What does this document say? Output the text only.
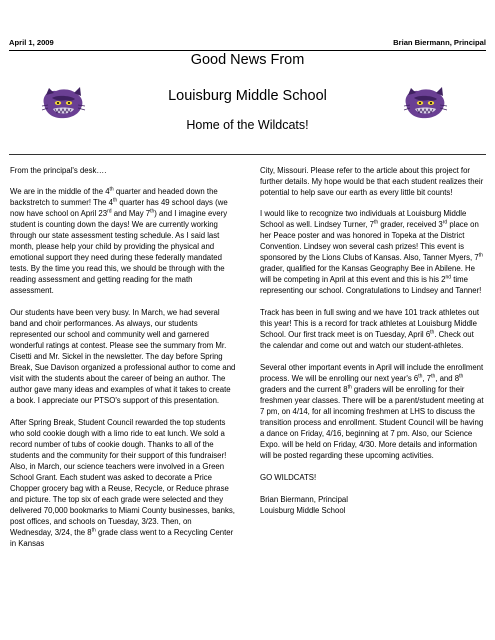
April 1, 2009	Brian Biermann, Principal
Good News From
Louisburg Middle School
Home of the Wildcats!

From the principal's desk….

We are in the middle of the 4th quarter and headed down the backstretch to summer! The 4th quarter has 49 school days (we now have school on April 23rd and May 7th) and I imagine every student is counting down the days! We are currently working through our state assessment testing schedule. As I said last month, please help your child by providing the physical and emotional support they need during these federally mandated tests. By the time you read this, we should be through with the reading assessment and getting reading for the math assessment.

Our students have been very busy. In March, we had several band and choir performances. As always, our students represented our school and community well and garnered wonderful ratings at contest. Please see the summary from Mr. Cisetti and Mr. Sickel in the newsletter. The day before Spring Break, Sue Davison organized a professional author to come and visit with the students about the career of being an author. The author gave many ideas and examples of what it takes to create a book. I appreciate our PTSO's support of this presentation.

After Spring Break, Student Council rewarded the top students who sold cookie dough with a limo ride to eat lunch. We sold a record number of tubs of cookie dough. Thanks to all of the students and the community for their support of this fundraiser! Also, in March, our science teachers were involved in a Green School Grant. Each student was asked to decorate a Price Chopper grocery bag with a Reuse, Recycle, or Reduce phrase and picture. The top six of each grade were selected and they delivered 70,000 bookmarks to Miami County businesses, banks, post offices, and schools on Tuesday, 3/23. Then, on Wednesday, 3/24, the 8th grade class went to a Recycling Center in Kansas

City, Missouri. Please refer to the article about this project for further details. My hope would be that each student realizes their potential to help save our earth as every little bit counts!

I would like to recognize two individuals at Louisburg Middle School as well. Lindsey Turner, 7th grader, received 3rd place on her Peace poster and was honored in Topeka at the District Convention. Lindsey won several cash prizes! This event is sponsored by the Lions Clubs of Kansas. Also, Tanner Myers, 7th grader, qualified for the Kansas Geography Bee in Abilene. He will be competing in April at this event and this is his 2nd time representing our school. Congratulations to Lindsey and Tanner!

Track has been in full swing and we have 101 track athletes out this year! This is a record for track athletes at Louisburg Middle School. Our first track meet is on Tuesday, April 6th. Check out the calendar and come out and watch our student-athletes.

Several other important events in April will include the enrollment process. We will be enrolling our next year's 6th, 7th, and 8th graders and the current 8th graders will be enrolling for their freshmen year classes. There will be a parent/student meeting at 7 pm, on 4/14, for all incoming freshmen at LHS to discuss the transition process and enrollment. Student Council will be having a dance on Friday, 4/16, beginning at 7 pm. Also, our Science Expo. will be held on Friday, 4/30. More details and information will be posted regarding these upcoming activities.

GO WILDCATS!

Brian Biermann, Principal
Louisburg Middle School
